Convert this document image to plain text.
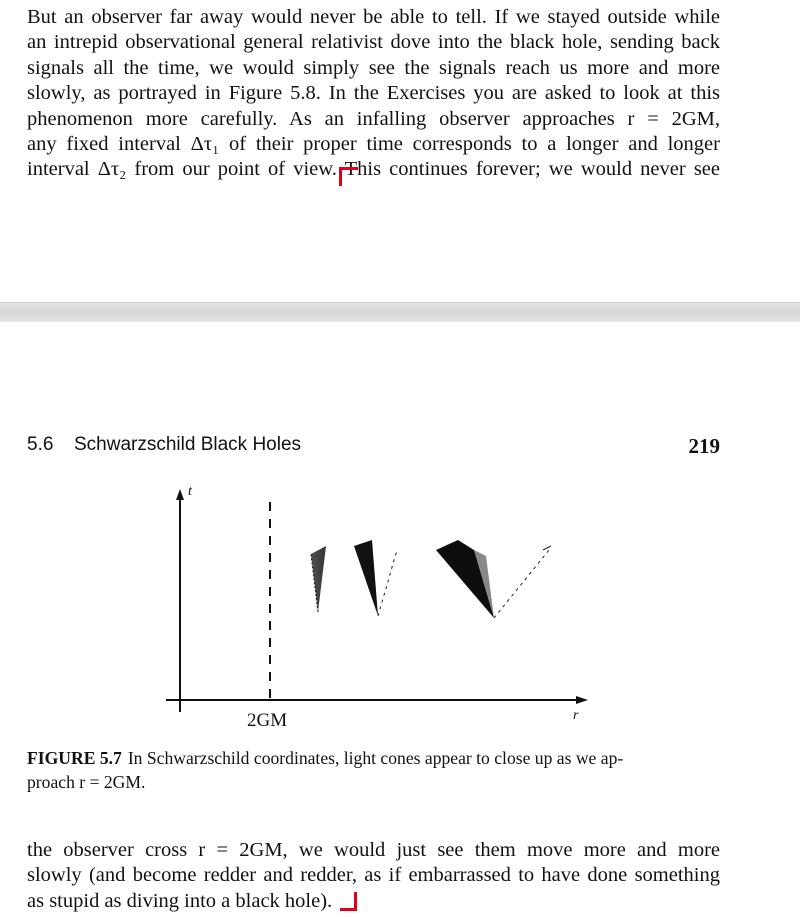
But an observer far away would never be able to tell. If we stayed outside while
an intrepid observational general relativist dove into the black hole, sending back
signals all the time, we would simply see the signals reach us more and more
slowly, as portrayed in Figure 5.8. In the Exercises you are asked to look at this
phenomenon more carefully. As an infalling observer approaches r = 2GM,
any fixed interval Δτ₁ of their proper time corresponds to a longer and longer
interval Δτ₂ from our point of view. This continues forever; we would never see
5.6 Schwarzschild Black Holes	219
t
r
2GM

FIGURE 5.7 In Schwarzschild coordinates, light cones appear to close up as we ap-
proach r = 2GM.

the observer cross r = 2GM, we would just see them move more and more
slowly (and become redder and redder, as if embarrassed to have done something
as stupid as diving into a black hole).
